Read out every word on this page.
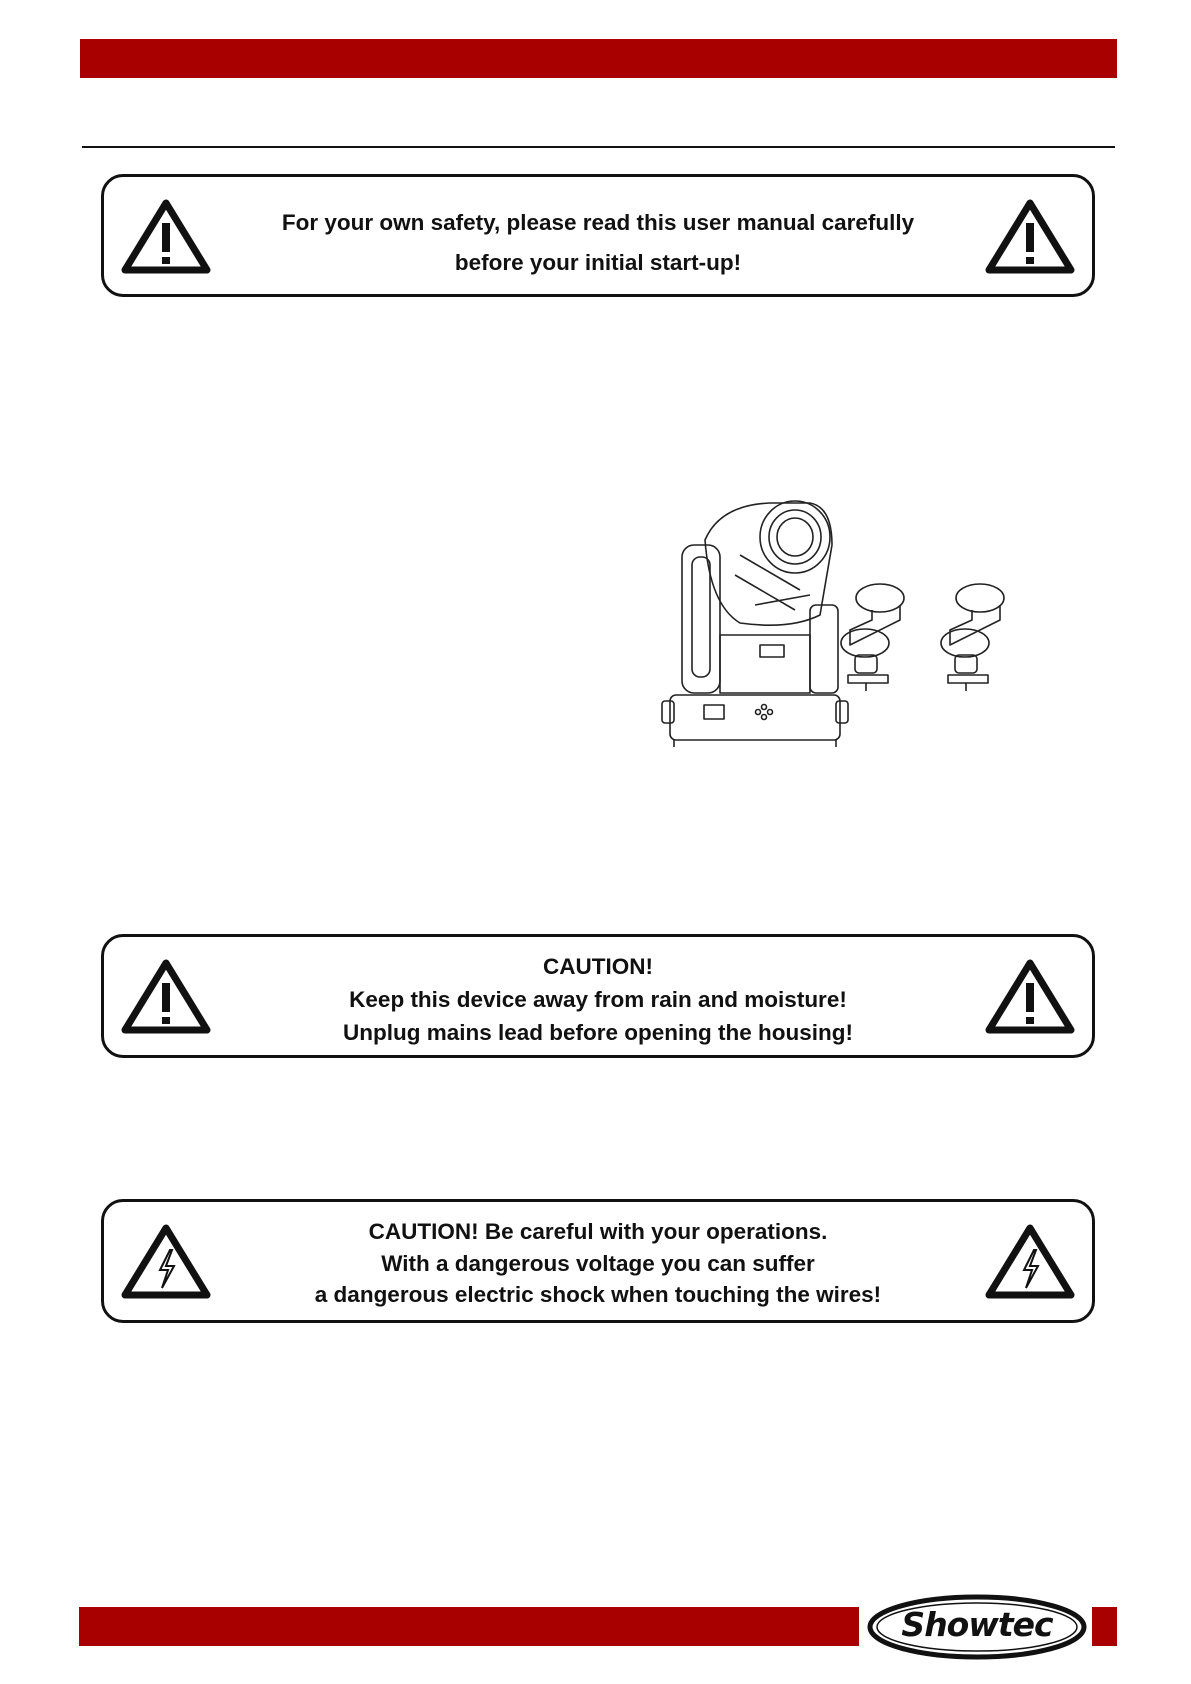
For your own safety, please read this user manual carefully
before your initial start-up!
CAUTION!
Keep this device away from rain and moisture!
Unplug mains lead before opening the housing!
CAUTION! Be careful with your operations.
With a dangerous voltage you can suffer
a dangerous electric shock when touching the wires!
Showtec
